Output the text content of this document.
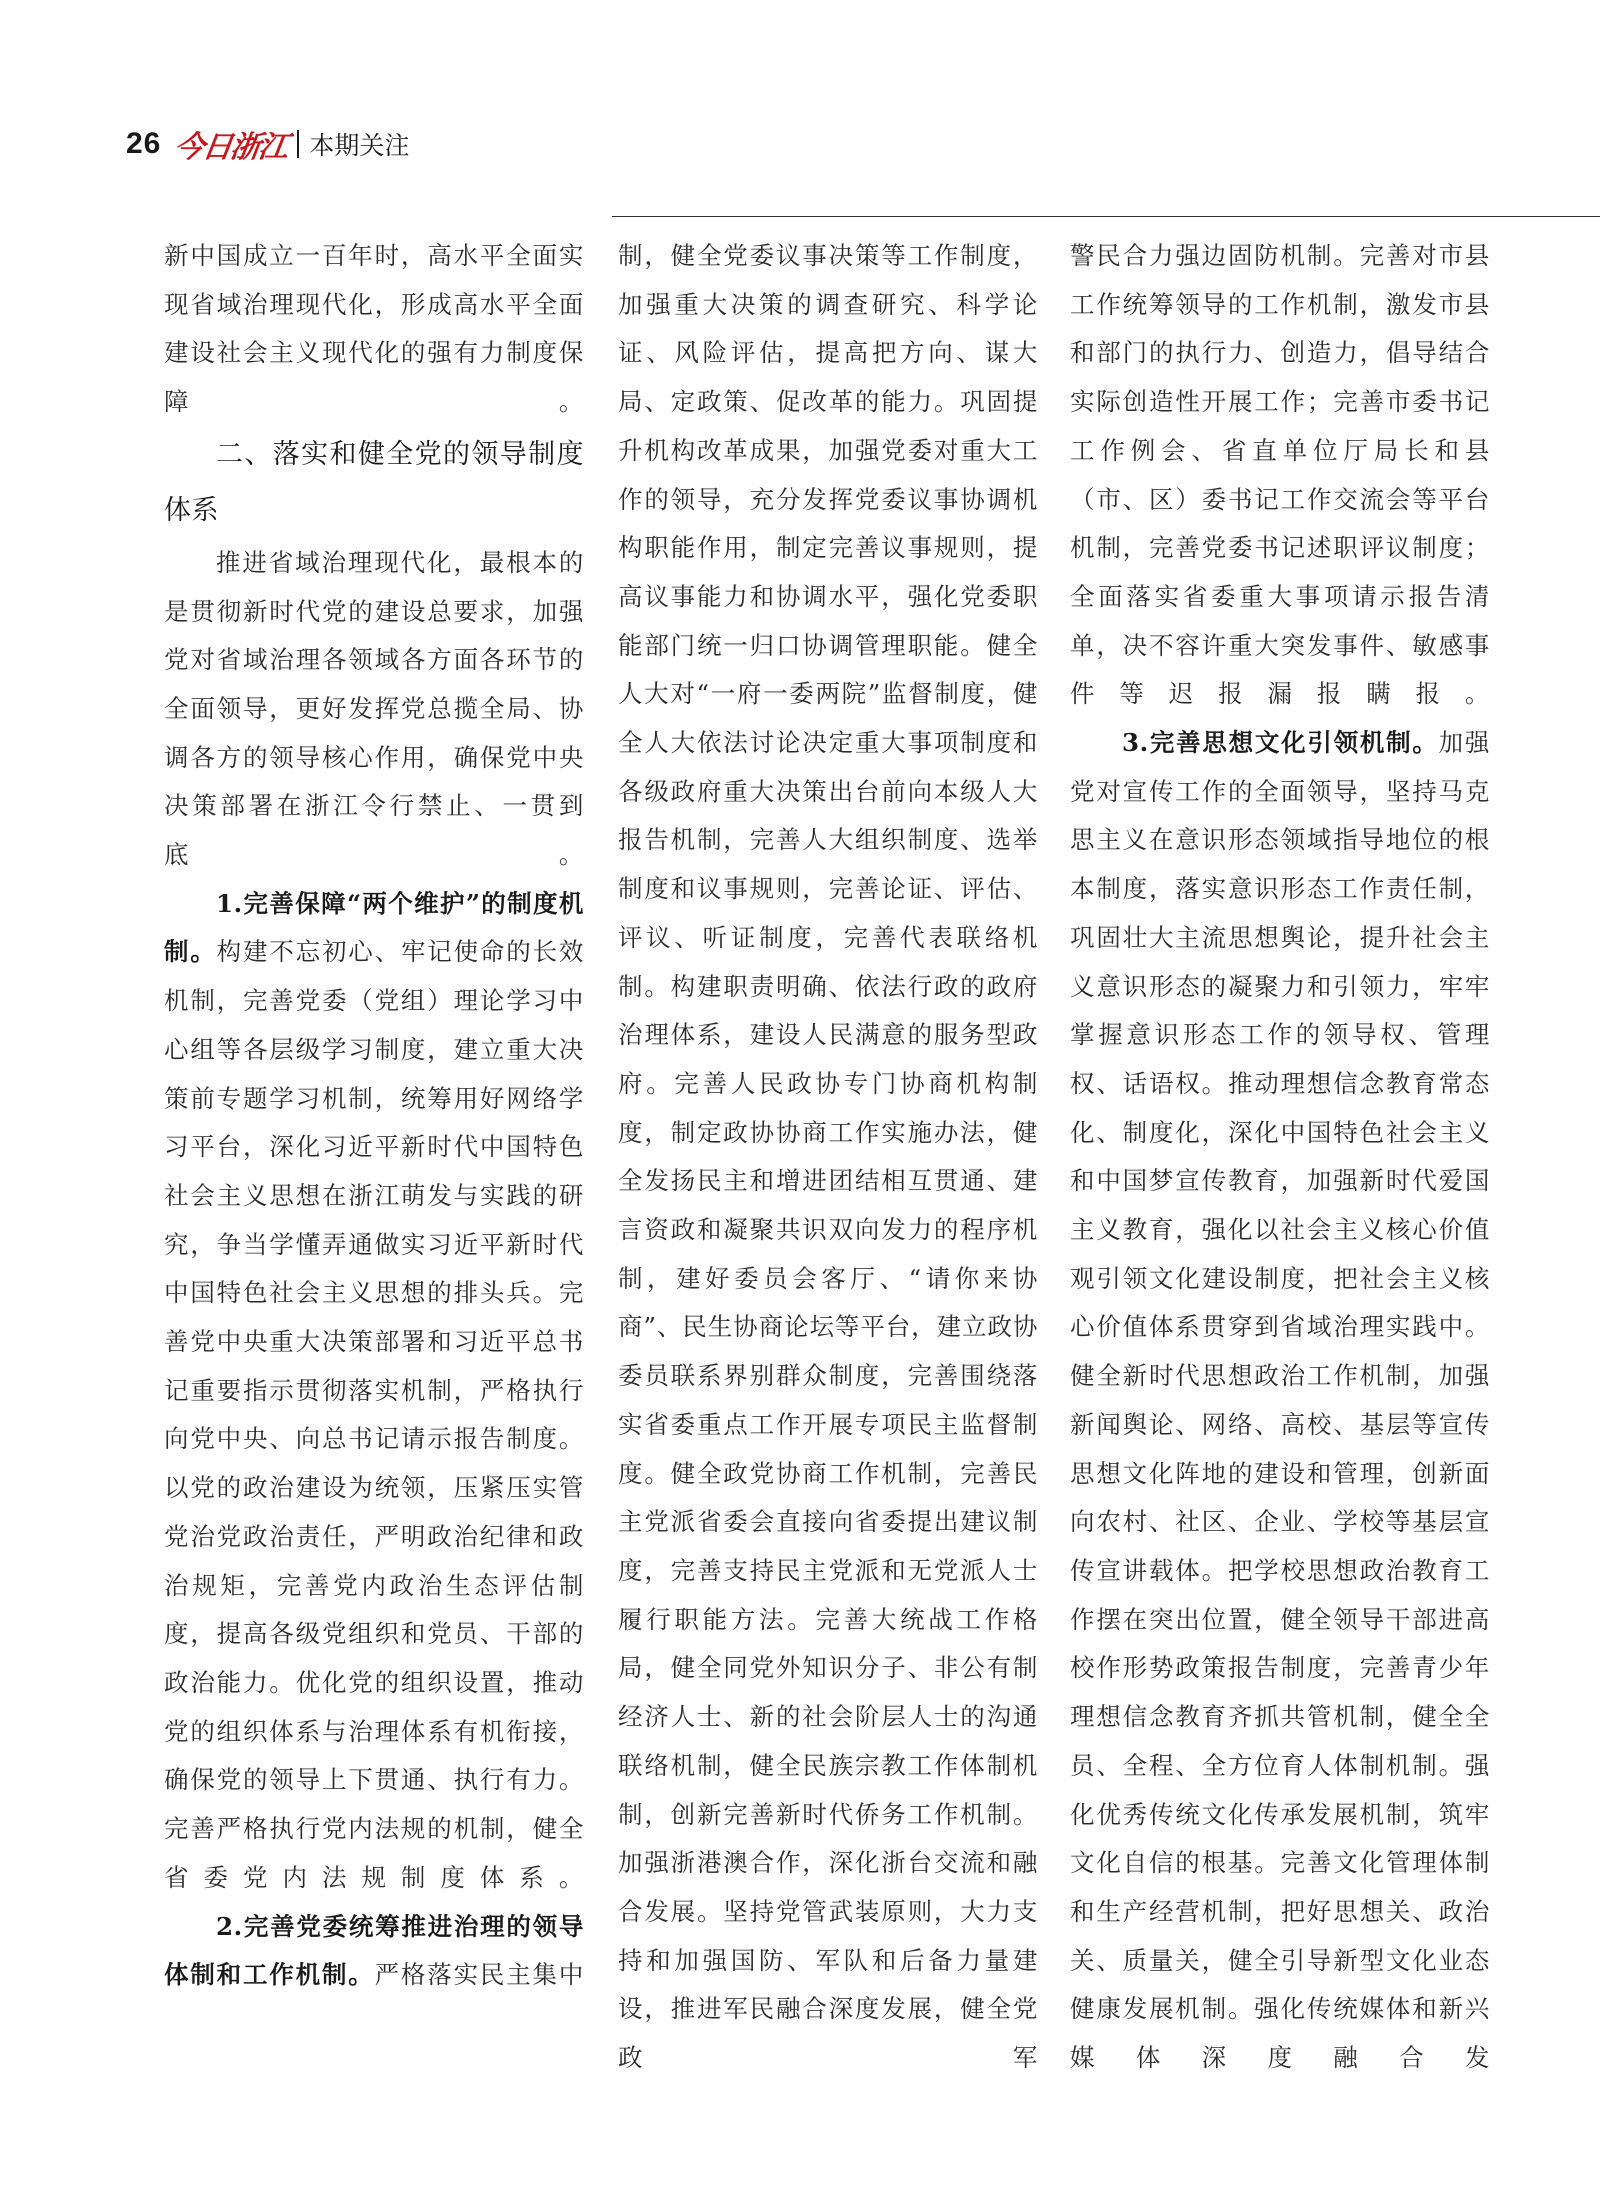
26 今日浙江 本期关注

新中国成立一百年时，高水平全面实现省域治理现代化，形成高水平全面建设社会主义现代化的强有力制度保障。

二、落实和健全党的领导制度体系

推进省域治理现代化，最根本的是贯彻新时代党的建设总要求，加强党对省域治理各领域各方面各环节的全面领导，更好发挥党总揽全局、协调各方的领导核心作用，确保党中央决策部署在浙江令行禁止、一贯到底。

1.完善保障“两个维护”的制度机制。构建不忘初心、牢记使命的长效机制，完善党委（党组）理论学习中心组等各层级学习制度，建立重大决策前专题学习机制，统筹用好网络学习平台，深化习近平新时代中国特色社会主义思想在浙江萌发与实践的研究，争当学懂弄通做实习近平新时代中国特色社会主义思想的排头兵。完善党中央重大决策部署和习近平总书记重要指示贯彻落实机制，严格执行向党中央、向总书记请示报告制度。以党的政治建设为统领，压紧压实管党治党政治责任，严明政治纪律和政治规矩，完善党内政治生态评估制度，提高各级党组织和党员、干部的政治能力。优化党的组织设置，推动党的组织体系与治理体系有机衔接，确保党的领导上下贯通、执行有力。完善严格执行党内法规的机制，健全省委党内法规制度体系。

2.完善党委统筹推进治理的领导体制和工作机制。严格落实民主集中

制，健全党委议事决策等工作制度，加强重大决策的调查研究、科学论证、风险评估，提高把方向、谋大局、定政策、促改革的能力。巩固提升机构改革成果，加强党委对重大工作的领导，充分发挥党委议事协调机构职能作用，制定完善议事规则，提高议事能力和协调水平，强化党委职能部门统一归口协调管理职能。健全人大对“一府一委两院”监督制度，健全人大依法讨论决定重大事项制度和各级政府重大决策出台前向本级人大报告机制，完善人大组织制度、选举制度和议事规则，完善论证、评估、评议、听证制度，完善代表联络机制。构建职责明确、依法行政的政府治理体系，建设人民满意的服务型政府。完善人民政协专门协商机构制度，制定政协协商工作实施办法，健全发扬民主和增进团结相互贯通、建言资政和凝聚共识双向发力的程序机制，建好委员会客厅、“请你来协商”、民生协商论坛等平台，建立政协委员联系界别群众制度，完善围绕落实省委重点工作开展专项民主监督制度。健全政党协商工作机制，完善民主党派省委会直接向省委提出建议制度，完善支持民主党派和无党派人士履行职能方法。完善大统战工作格局，健全同党外知识分子、非公有制经济人士、新的社会阶层人士的沟通联络机制，健全民族宗教工作体制机制，创新完善新时代侨务工作机制。加强浙港澳合作，深化浙台交流和融合发展。坚持党管武装原则，大力支持和加强国防、军队和后备力量建设，推进军民融合深度发展，健全党政军

警民合力强边固防机制。完善对市县工作统筹领导的工作机制，激发市县和部门的执行力、创造力，倡导结合实际创造性开展工作；完善市委书记工作例会、省直单位厅局长和县（市、区）委书记工作交流会等平台机制，完善党委书记述职评议制度；全面落实省委重大事项请示报告清单，决不容许重大突发事件、敏感事件等迟报漏报瞒报。

3.完善思想文化引领机制。加强党对宣传工作的全面领导，坚持马克思主义在意识形态领域指导地位的根本制度，落实意识形态工作责任制，巩固壮大主流思想舆论，提升社会主义意识形态的凝聚力和引领力，牢牢掌握意识形态工作的领导权、管理权、话语权。推动理想信念教育常态化、制度化，深化中国特色社会主义和中国梦宣传教育，加强新时代爱国主义教育，强化以社会主义核心价值观引领文化建设制度，把社会主义核心价值体系贯穿到省域治理实践中。健全新时代思想政治工作机制，加强新闻舆论、网络、高校、基层等宣传思想文化阵地的建设和管理，创新面向农村、社区、企业、学校等基层宣传宣讲载体。把学校思想政治教育工作摆在突出位置，健全领导干部进高校作形势政策报告制度，完善青少年理想信念教育齐抓共管机制，健全全员、全程、全方位育人体制机制。强化优秀传统文化传承发展机制，筑牢文化自信的根基。完善文化管理体制和生产经营机制，把好思想关、政治关、质量关，健全引导新型文化业态健康发展机制。强化传统媒体和新兴媒体深度融合发
